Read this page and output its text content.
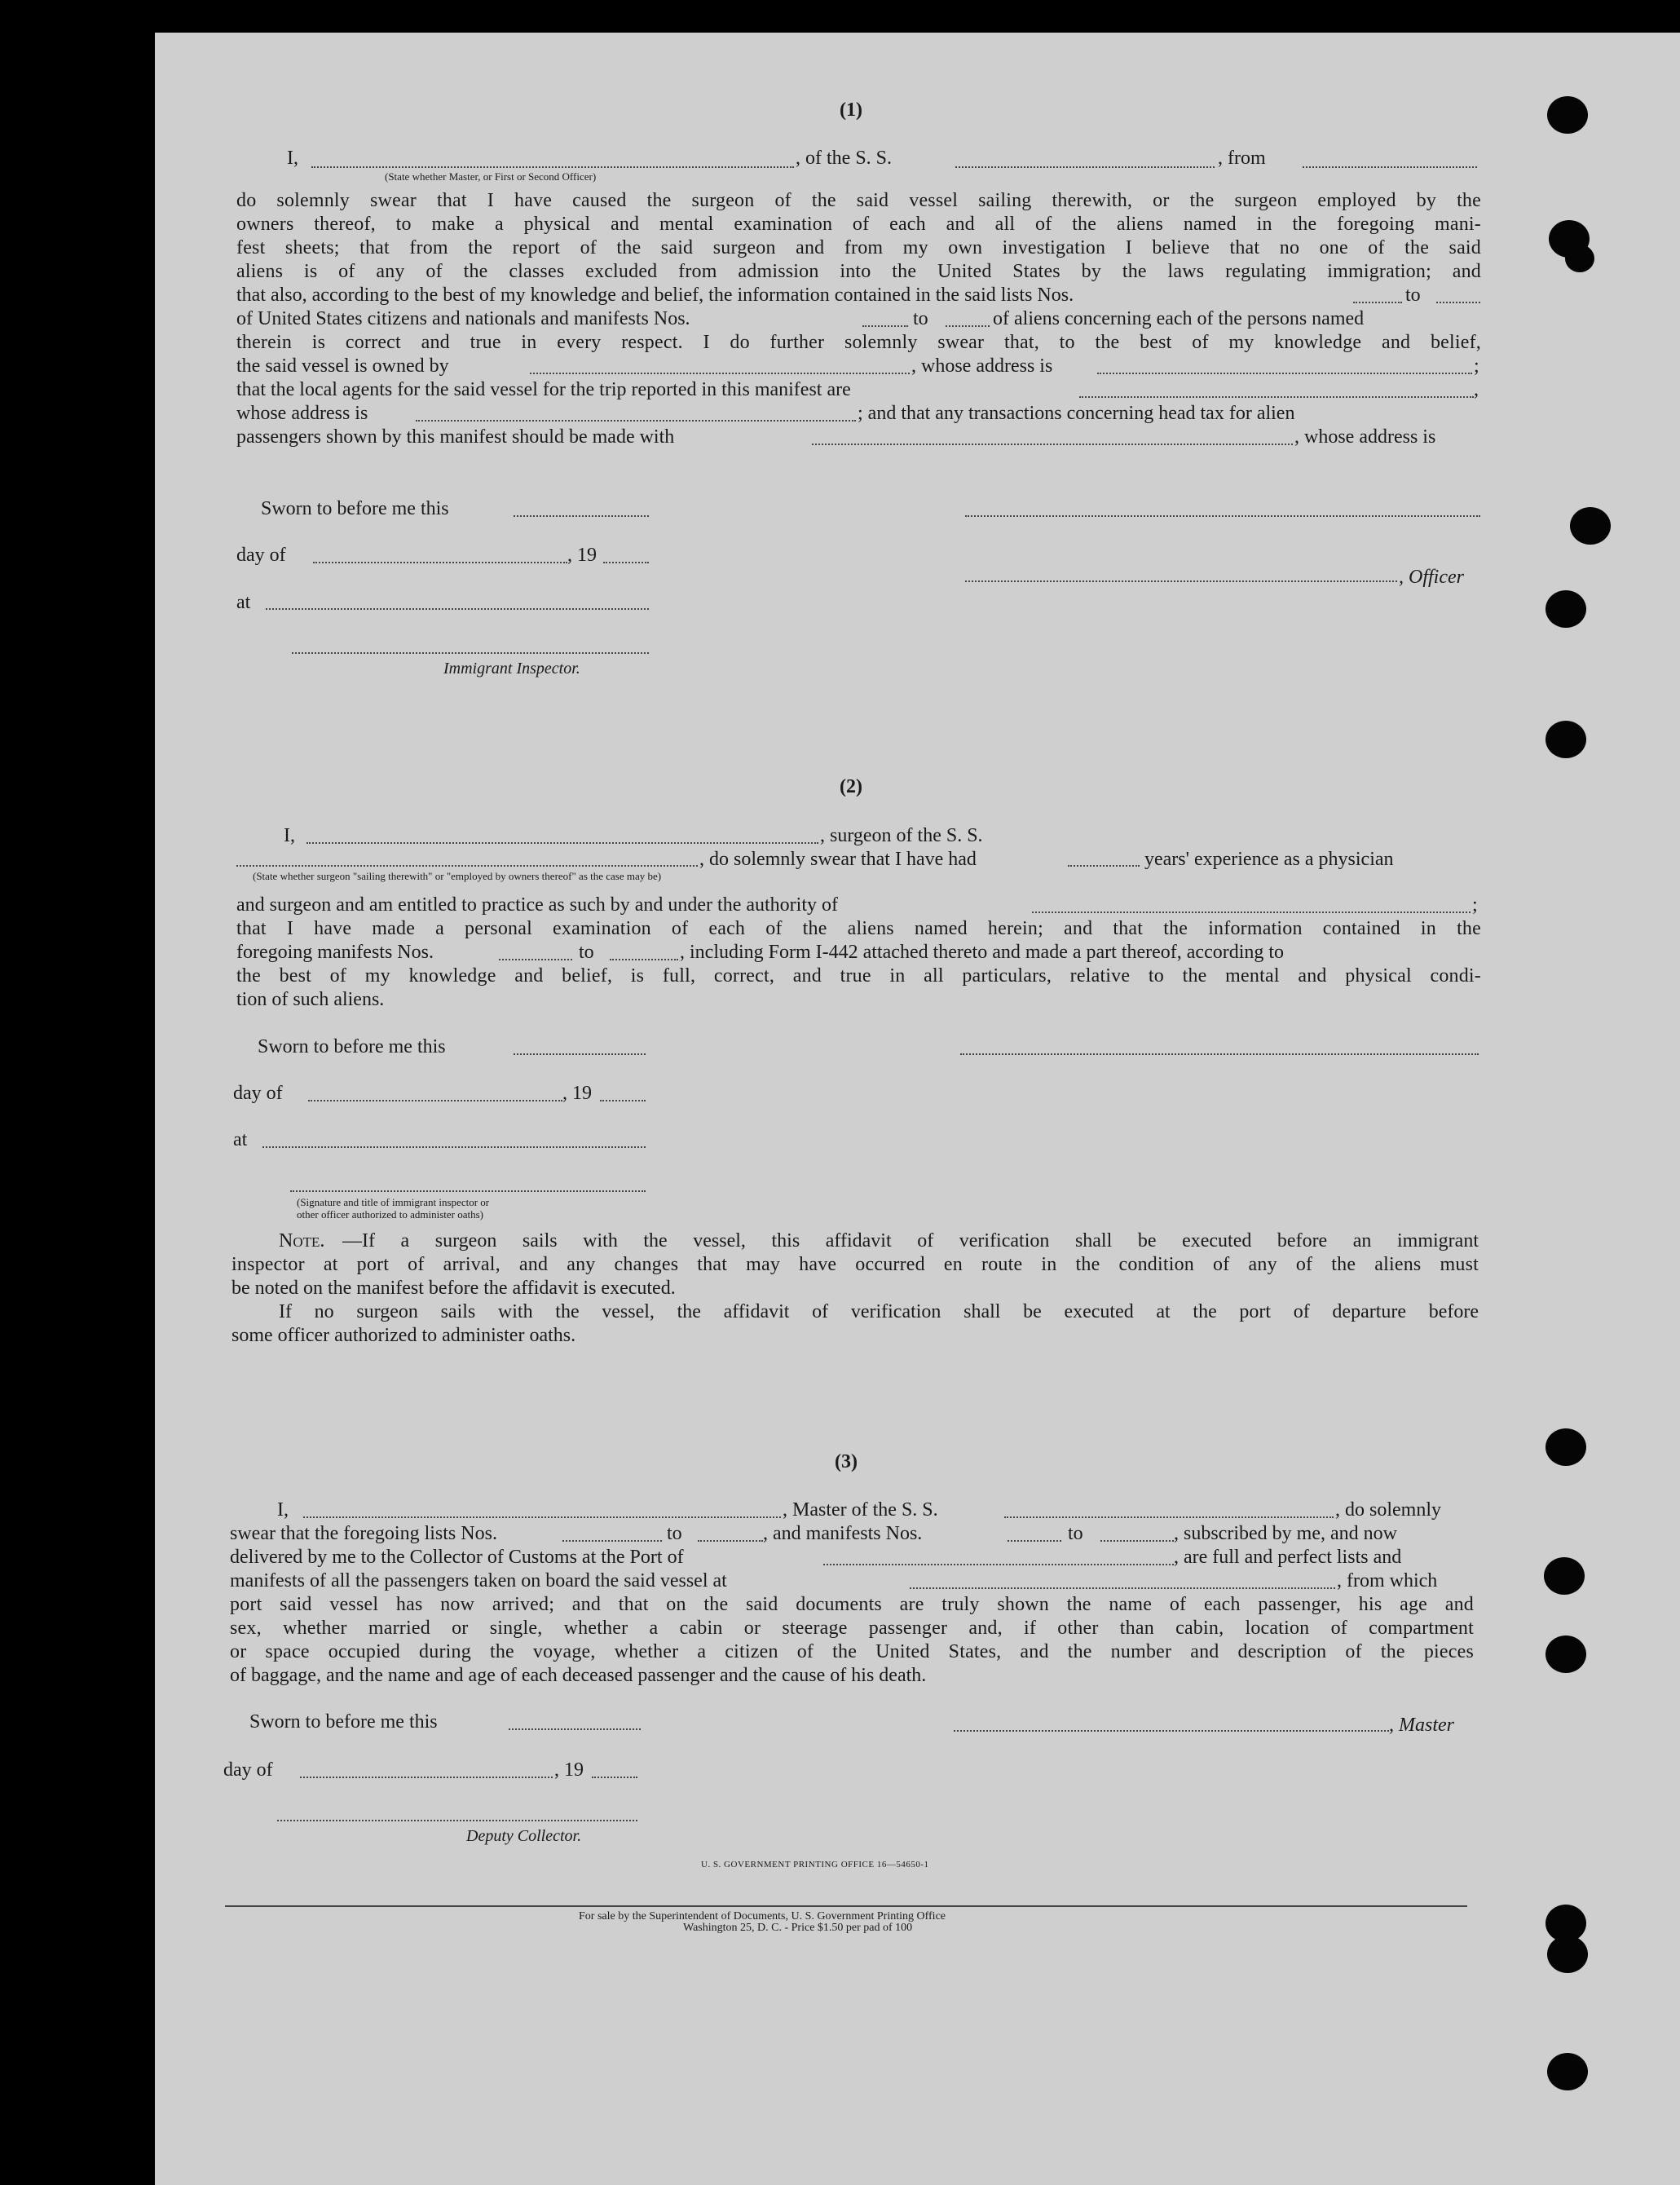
(1)
I,	, of the S. S.	, from
(State whether Master, or First or Second Officer)
do solemnly swear that I have caused the surgeon of the said vessel sailing therewith, or the surgeon employed by the
owners thereof, to make a physical and mental examination of each and all of the aliens named in the foregoing mani-
fest sheets; that from the report of the said surgeon and from my own investigation I believe that no one of the said
aliens is of any of the classes excluded from admission into the United States by the laws regulating immigration; and
that also, according to the best of my knowledge and belief, the information contained in the said lists Nos.	to
of United States citizens and nationals and manifests Nos.	to	of aliens concerning each of the persons named
therein is correct and true in every respect. I do further solemnly swear that, to the best of my knowledge and belief,
the said vessel is owned by	, whose address is	;
that the local agents for the said vessel for the trip reported in this manifest are	,
whose address is	; and that any transactions concerning head tax for alien
passengers shown by this manifest should be made with	, whose address is
Sworn to before me this
day of	, 19
, Officer
at
Immigrant Inspector.
(2)
I,	, surgeon of the S. S.
, do solemnly swear that I have had	years' experience as a physician
(State whether surgeon "sailing therewith" or "employed by owners thereof" as the case may be)
and surgeon and am entitled to practice as such by and under the authority of	;
that I have made a personal examination of each of the aliens named herein; and that the information contained in the
foregoing manifests Nos.	to	, including Form I-442 attached thereto and made a part thereof, according to
the best of my knowledge and belief, is full, correct, and true in all particulars, relative to the mental and physical condi-
tion of such aliens.
Sworn to before me this
day of	, 19
at
(Signature and title of immigrant inspector or
other officer authorized to administer oaths)
Note. —If a surgeon sails with the vessel, this affidavit of verification shall be executed before an immigrant
inspector at port of arrival, and any changes that may have occurred en route in the condition of any of the aliens must
be noted on the manifest before the affidavit is executed.
If no surgeon sails with the vessel, the affidavit of verification shall be executed at the port of departure before
some officer authorized to administer oaths.
(3)
I,	, Master of the S. S.	, do solemnly
swear that the foregoing lists Nos.	to	, and manifests Nos.	to	, subscribed by me, and now
delivered by me to the Collector of Customs at the Port of	, are full and perfect lists and
manifests of all the passengers taken on board the said vessel at	, from which
port said vessel has now arrived; and that on the said documents are truly shown the name of each passenger, his age and
sex, whether married or single, whether a cabin or steerage passenger and, if other than cabin, location of compartment
or space occupied during the voyage, whether a citizen of the United States, and the number and description of the pieces
of baggage, and the name and age of each deceased passenger and the cause of his death.
Sworn to before me this	, Master
day of	, 19
Deputy Collector.
U. S. GOVERNMENT PRINTING OFFICE 16—54650-1
For sale by the Superintendent of Documents, U. S. Government Printing Office
Washington 25, D. C. - Price $1.50 per pad of 100
